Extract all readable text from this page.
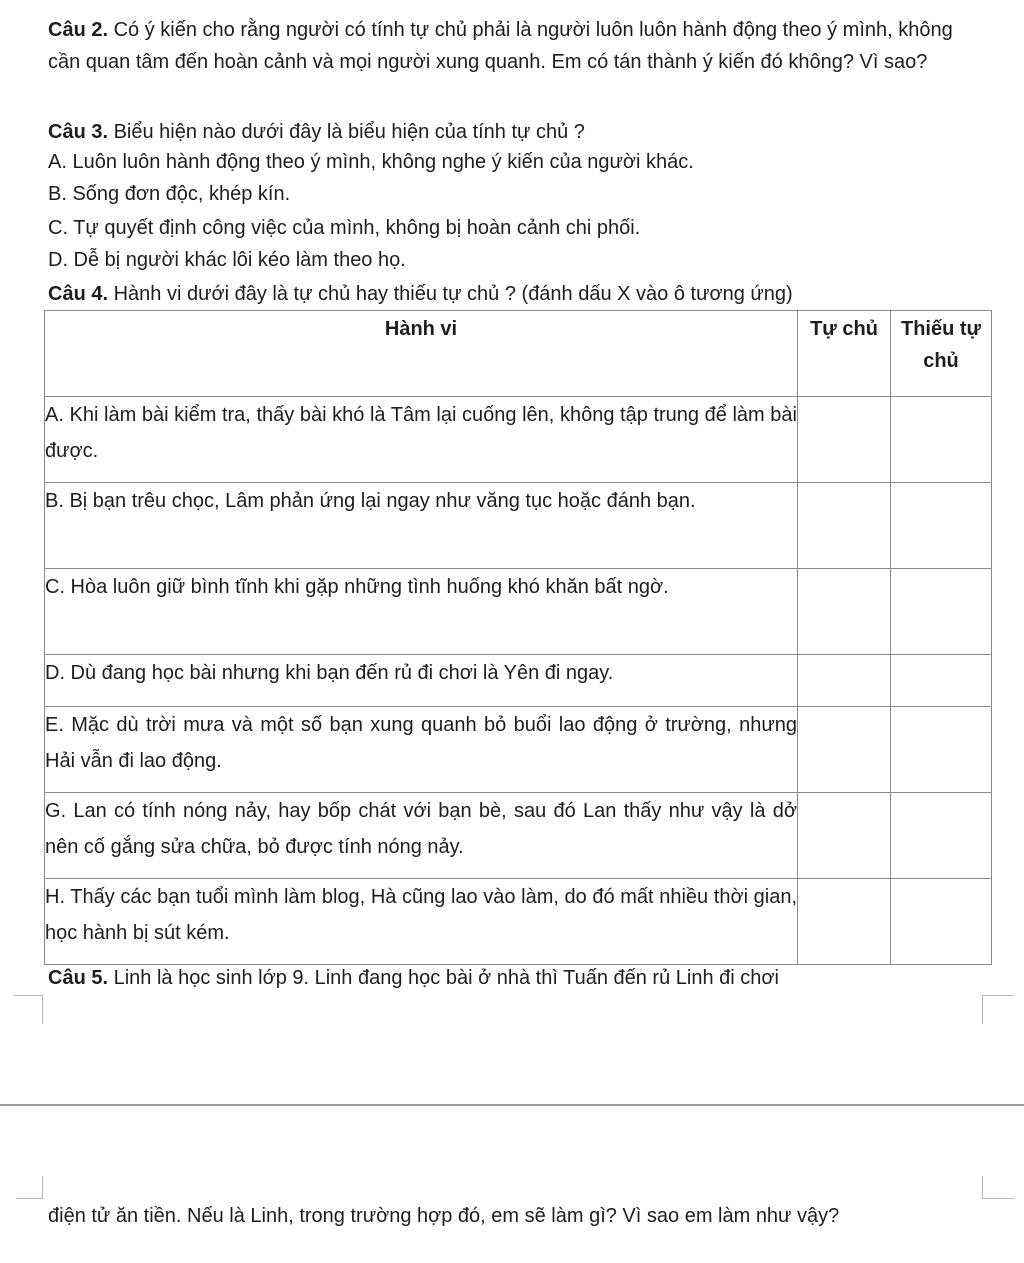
Câu 2. Có ý kiến cho rằng người có tính tự chủ phải là người luôn luôn hành động theo ý mình, không cần quan tâm đến hoàn cảnh và mọi người xung quanh. Em có tán thành ý kiến đó không? Vì sao?
Câu 3. Biểu hiện nào dưới đây là biểu hiện của tính tự chủ ?
A. Luôn luôn hành động theo ý mình, không nghe ý kiến của người khác.
B. Sống đơn độc, khép kín.
C. Tự quyết định công việc của mình, không bị hoàn cảnh chi phối.
D. Dễ bị người khác lôi kéo làm theo họ.
Câu 4. Hành vi dưới đây là tự chủ hay thiếu tự chủ ? (đánh dấu X vào ô tương ứng)
Hành vi	Tự chủ	Thiếu tự chủ
A. Khi làm bài kiểm tra, thấy bài khó là Tâm lại cuống lên, không tập trung để làm bài được.		
B. Bị bạn trêu chọc, Lâm phản ứng lại ngay như văng tục hoặc đánh bạn.		
C. Hòa luôn giữ bình tĩnh khi gặp những tình huống khó khăn bất ngờ.		
D. Dù đang học bài nhưng khi bạn đến rủ đi chơi là Yên đi ngay.		
E. Mặc dù trời mưa và một số bạn xung quanh bỏ buổi lao động ở trường, nhưng Hải vẫn đi lao động.		
G. Lan có tính nóng nảy, hay bốp chát với bạn bè, sau đó Lan thấy như vậy là dở nên cố gắng sửa chữa, bỏ được tính nóng nảy.		
H. Thấy các bạn tuổi mình làm blog, Hà cũng lao vào làm, do đó mất nhiều thời gian, học hành bị sút kém.		
Câu 5. Linh là học sinh lớp 9. Linh đang học bài ở nhà thì Tuấn đến rủ Linh đi chơi
điện tử ăn tiền. Nếu là Linh, trong trường hợp đó, em sẽ làm gì? Vì sao em làm như vậy?
